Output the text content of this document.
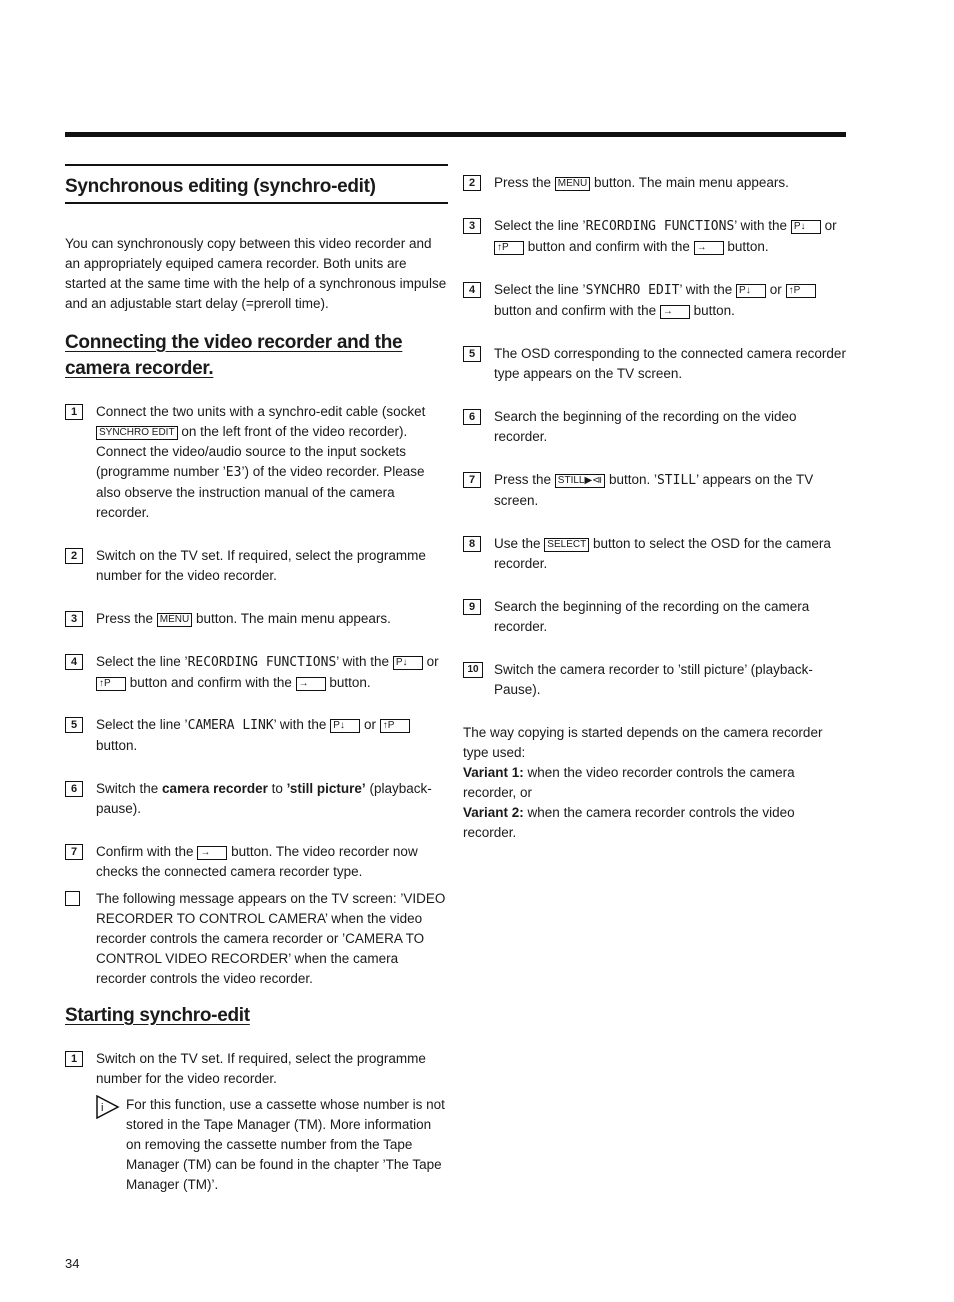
Synchronous editing (synchro-edit)

You can synchronously copy between this video recorder and an appropriately equiped camera recorder. Both units are started at the same time with the help of a synchronous impulse and an adjustable start delay (=preroll time).

Connecting the video recorder and the camera recorder.
1	Connect the two units with a synchro-edit cable (socket SYNCHRO EDIT on the left front of the video recorder). Connect the video/audio source to the input sockets (programme number ’E3’) of the video recorder. Please also observe the instruction manual of the camera recorder.
2	Switch on the TV set. If required, select the programme number for the video recorder.
3	Press the MENU button. The main menu appears.
4	Select the line ’RECORDING FUNCTIONS’ with the P↓ or ↑P button and confirm with the → button.
5	Select the line ’CAMERA LINK’ with the P↓ or ↑P button.
6	Switch the camera recorder to ’still picture’ (playback-pause).
7	Confirm with the → button. The video recorder now checks the connected camera recorder type.
The following message appears on the TV screen: ’VIDEO RECORDER TO CONTROL CAMERA’ when the video recorder controls the camera recorder or ’CAMERA TO CONTROL VIDEO RECORDER’ when the camera recorder controls the video recorder.
Starting synchro-edit
1	Switch on the TV set. If required, select the programme number for the video recorder.
i For this function, use a cassette whose number is not stored in the Tape Manager (TM). More information on removing the cassette number from the Tape Manager (TM) can be found in the chapter ’The Tape Manager (TM)’.
2	Press the MENU button. The main menu appears.
3	Select the line ’RECORDING FUNCTIONS’ with the P↓ or ↑P button and confirm with the → button.
4	Select the line ’SYNCHRO EDIT’ with the P↓ or ↑P button and confirm with the → button.
5	The OSD corresponding to the connected camera recorder type appears on the TV screen.
6	Search the beginning of the recording on the video recorder.
7	Press the STILL▶⧏ button. ’STILL’ appears on the TV screen.
8	Use the SELECT button to select the OSD for the camera recorder.
9	Search the beginning of the recording on the camera recorder.
10	Switch the camera recorder to ’still picture’ (playback-Pause).

The way copying is started depends on the camera recorder type used:

Variant 1: when the video recorder controls the camera recorder, or

Variant 2: when the camera recorder controls the video recorder.

34
